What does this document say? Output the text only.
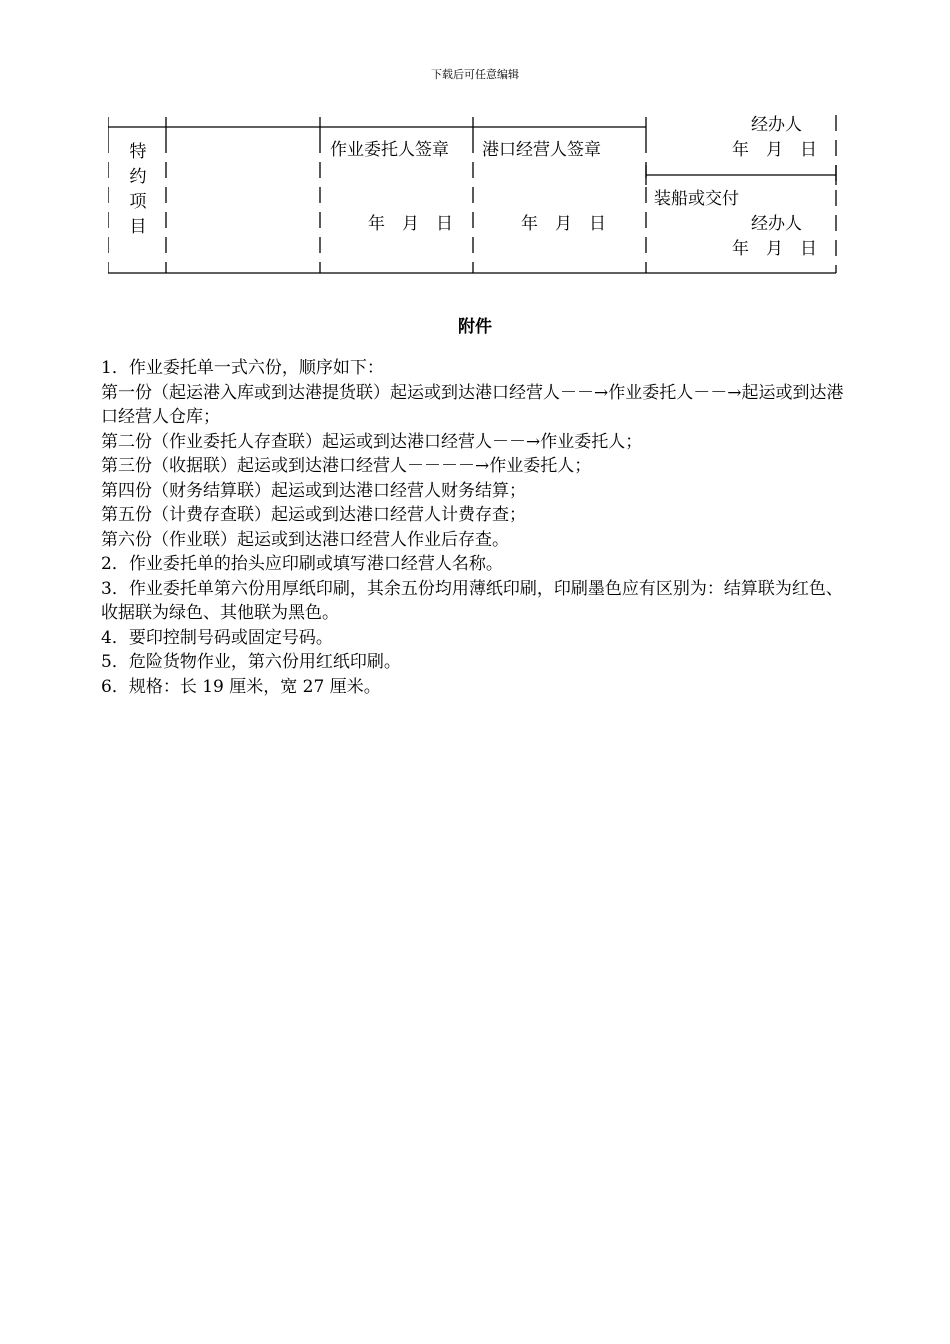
下载后可任意编辑
特
约
项
目
作业委托人签章 港口经营人签章
年　月　日	年　月　日
经办人
年　月　日
装船或交付
经办人
年　月　日
附件

1．作业委托单一式六份，顺序如下：

第一份（起运港入库或到达港提货联）起运或到达港口经营人－－→作业委托人－－→起运或到达港口经营人仓库；

第二份（作业委托人存查联）起运或到达港口经营人－－→作业委托人；

第三份（收据联）起运或到达港口经营人－－－－→作业委托人；

第四份（财务结算联）起运或到达港口经营人财务结算；

第五份（计费存查联）起运或到达港口经营人计费存查；

第六份（作业联）起运或到达港口经营人作业后存查。

2．作业委托单的抬头应印刷或填写港口经营人名称。

3．作业委托单第六份用厚纸印刷，其余五份均用薄纸印刷，印刷墨色应有区别为：结算联为红色、收据联为绿色、其他联为黑色。

4．要印控制号码或固定号码。

5．危险货物作业，第六份用红纸印刷。

6．规格：长 19 厘米，宽 27 厘米。
